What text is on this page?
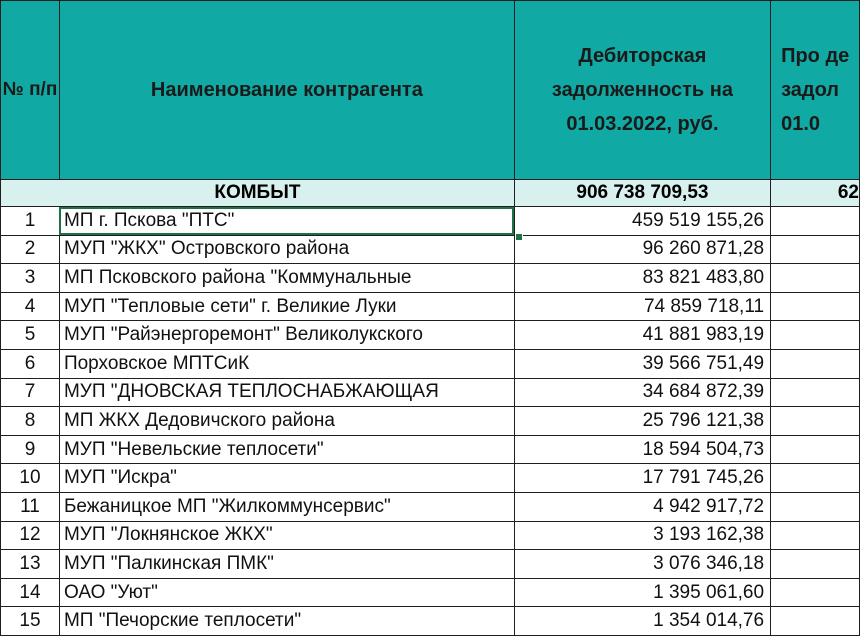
№ п/п	Наименование контрагента	Дебиторская задолженность на 01.03.2022, руб.	Про де задол 01.0
КОМБЫТ		906 738 709,53	62
1	МП г. Пскова "ПТС"	459 519 155,26	
2	МУП "ЖКХ" Островского района	96 260 871,28	
3	МП Псковского района "Коммунальные	83 821 483,80	
4	МУП "Тепловые сети" г. Великие Луки	74 859 718,11	
5	МУП "Райэнергоремонт" Великолукского	41 881 983,19	
6	Порховское МПТСиК	39 566 751,49	
7	МУП "ДНОВСКАЯ ТЕПЛОСНАБЖАЮЩАЯ	34 684 872,39	
8	МП ЖКХ Дедовичского района	25 796 121,38	
9	МУП "Невельские теплосети"	18 594 504,73	
10	МУП "Искра"	17 791 745,26	
11	Бежаницкое МП "Жилкоммунсервис"	4 942 917,72	
12	МУП "Локнянское ЖКХ"	3 193 162,38	
13	МУП "Палкинская ПМК"	3 076 346,18	
14	ОАО "Уют"	1 395 061,60	
15	МП "Печорские теплосети"	1 354 014,76	
